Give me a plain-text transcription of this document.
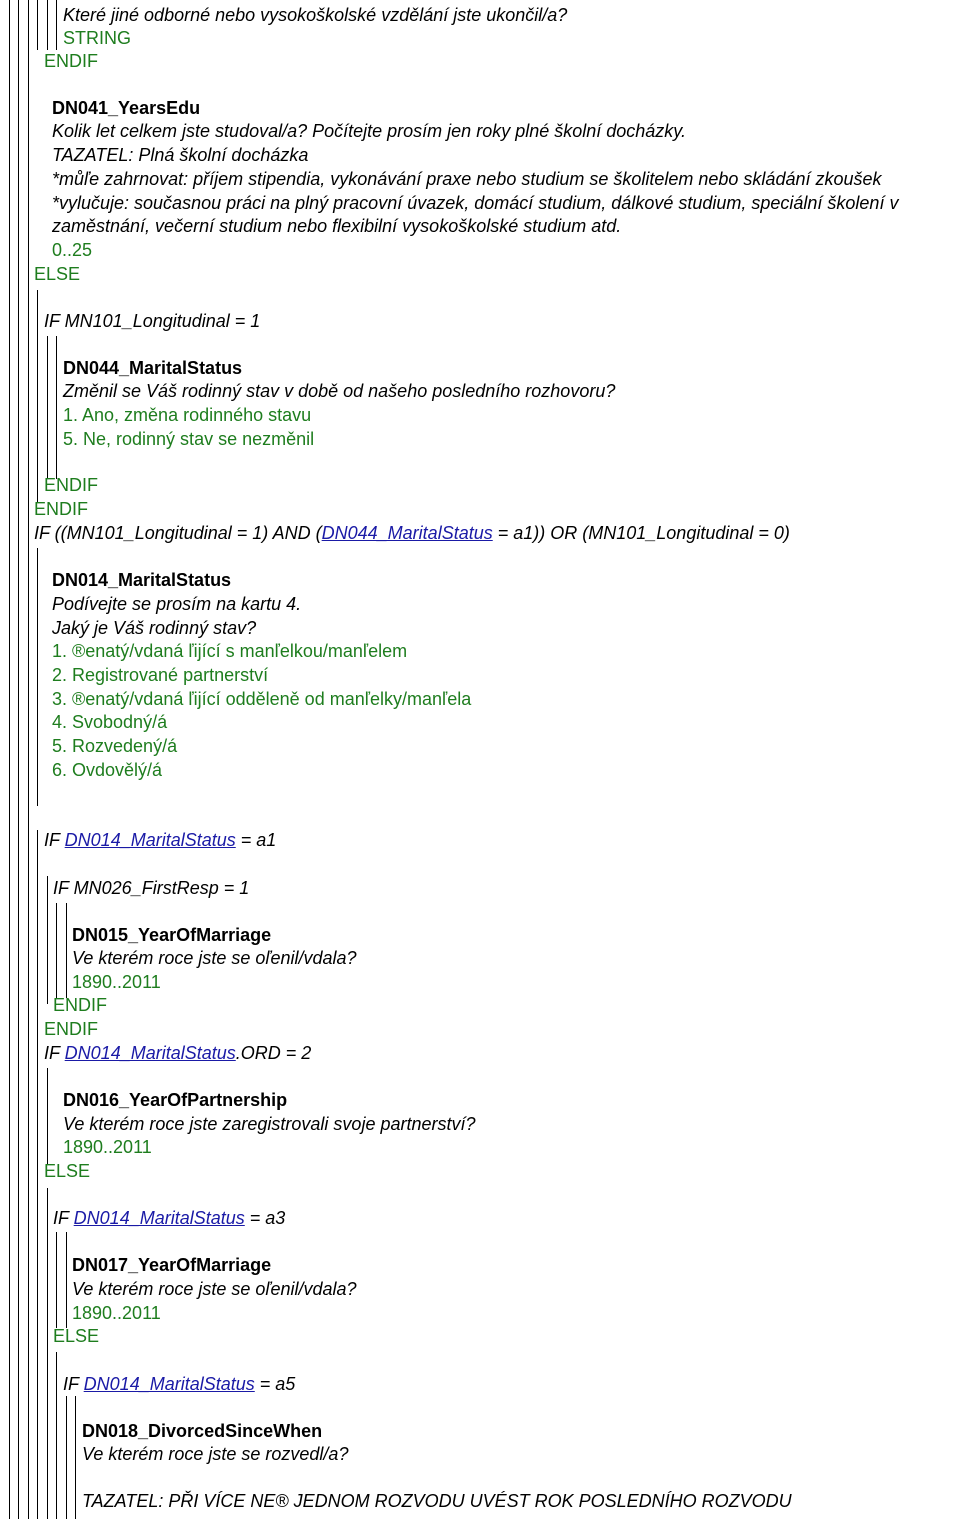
Které jiné odborné nebo vysokoškolské vzdělání jste ukončil/a?
STRING
ENDIF
DN041_YearsEdu
Kolik let celkem jste studoval/a? Počítejte prosím jen roky plné školní docházky.
TAZATEL: Plná školní docházka
*můľe zahrnovat: příjem stipendia, vykonávání praxe nebo studium se školitelem nebo skládání zkoušek
*vylučuje: současnou práci na plný pracovní úvazek, domácí studium, dálkové studium, speciální školení v
zaměstnání, večerní studium nebo flexibilní vysokoškolské studium atd.
0..25
ELSE
IF MN101_Longitudinal = 1
DN044_MaritalStatus
Změnil se Váš rodinný stav v době od našeho posledního rozhovoru?
1. Ano, změna rodinného stavu
5. Ne, rodinný stav se nezměnil
ENDIF
ENDIF
IF ((MN101_Longitudinal = 1) AND (DN044_MaritalStatus = a1)) OR (MN101_Longitudinal = 0)
DN014_MaritalStatus
Podívejte se prosím na kartu 4.
Jaký je Váš rodinný stav?
1. ®enatý/vdaná ľijící s manľelkou/manľelem
2. Registrované partnerství
3. ®enatý/vdaná ľijící odděleně od manľelky/manľela
4. Svobodný/á
5. Rozvedený/á
6. Ovdovělý/á
IF DN014_MaritalStatus = a1
IF MN026_FirstResp = 1
DN015_YearOfMarriage
Ve kterém roce jste se oľenil/vdala?
1890..2011
ENDIF
ENDIF
IF DN014_MaritalStatus.ORD = 2
DN016_YearOfPartnership
Ve kterém roce jste zaregistrovali svoje partnerství?
1890..2011
ELSE
IF DN014_MaritalStatus = a3
DN017_YearOfMarriage
Ve kterém roce jste se oľenil/vdala?
1890..2011
ELSE
IF DN014_MaritalStatus = a5
DN018_DivorcedSinceWhen
Ve kterém roce jste se rozvedl/a?
TAZATEL: PŘI VÍCE NE® JEDNOM ROZVODU UVÉST ROK POSLEDNÍHO ROZVODU
